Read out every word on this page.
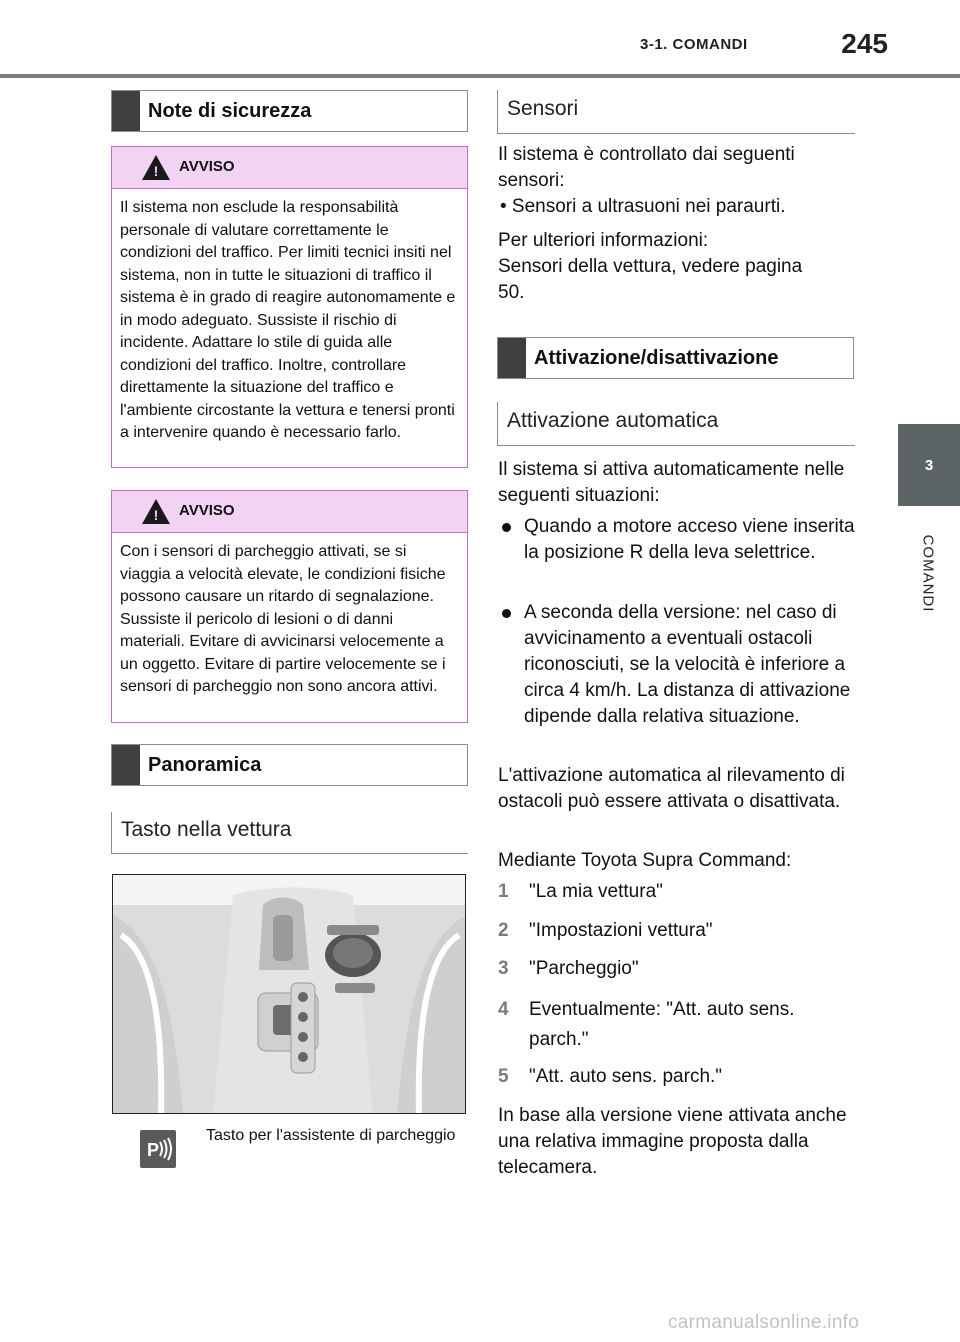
3-1. COMANDI	245
3
COMANDI
Note di sicurezza
!	AVVISO
Il sistema non esclude la responsabilità personale di valutare correttamente le condizioni del traffico. Per limiti tecnici insiti nel sistema, non in tutte le situazioni di traffico il sistema è in grado di reagire autonomamente e in modo adeguato. Sussiste il rischio di incidente. Adattare lo stile di guida alle condizioni del traffico. Inoltre, controllare direttamente la situazione del traffico e l'ambiente circostante la vettura e tenersi pronti a intervenire quando è necessario farlo.
!	AVVISO
Con i sensori di parcheggio attivati, se si viaggia a velocità elevate, le condizioni fisiche possono causare un ritardo di segnalazione. Sussiste il pericolo di lesioni o di danni materiali. Evitare di avvicinarsi velocemente a un oggetto. Evitare di partire velocemente se i sensori di parcheggio non sono ancora attivi.
Panoramica
Tasto nella vettura
P
Tasto per l'assistente di parcheggio
Sensori
Il sistema è controllato dai seguenti sensori:
• Sensori a ultrasuoni nei paraurti.
Per ulteriori informazioni:
Sensori della vettura, vedere pagina 50.
Attivazione/disattivazione
Attivazione automatica
Il sistema si attiva automaticamente nelle seguenti situazioni:
Quando a motore acceso viene inserita la posizione R della leva selettrice.
A seconda della versione: nel caso di avvicinamento a eventuali ostacoli riconosciuti, se la velocità è inferiore a circa 4 km/h. La distanza di attivazione dipende dalla relativa situazione.
L'attivazione automatica al rilevamento di ostacoli può essere attivata o disattivata.
Mediante Toyota Supra Command:
1	"La mia vettura"
2	"Impostazioni vettura"
3	"Parcheggio"
4	Eventualmente: "Att. auto sens. parch."
5	"Att. auto sens. parch."
In base alla versione viene attivata anche una relativa immagine proposta dalla telecamera.
carmanualsonline.info
